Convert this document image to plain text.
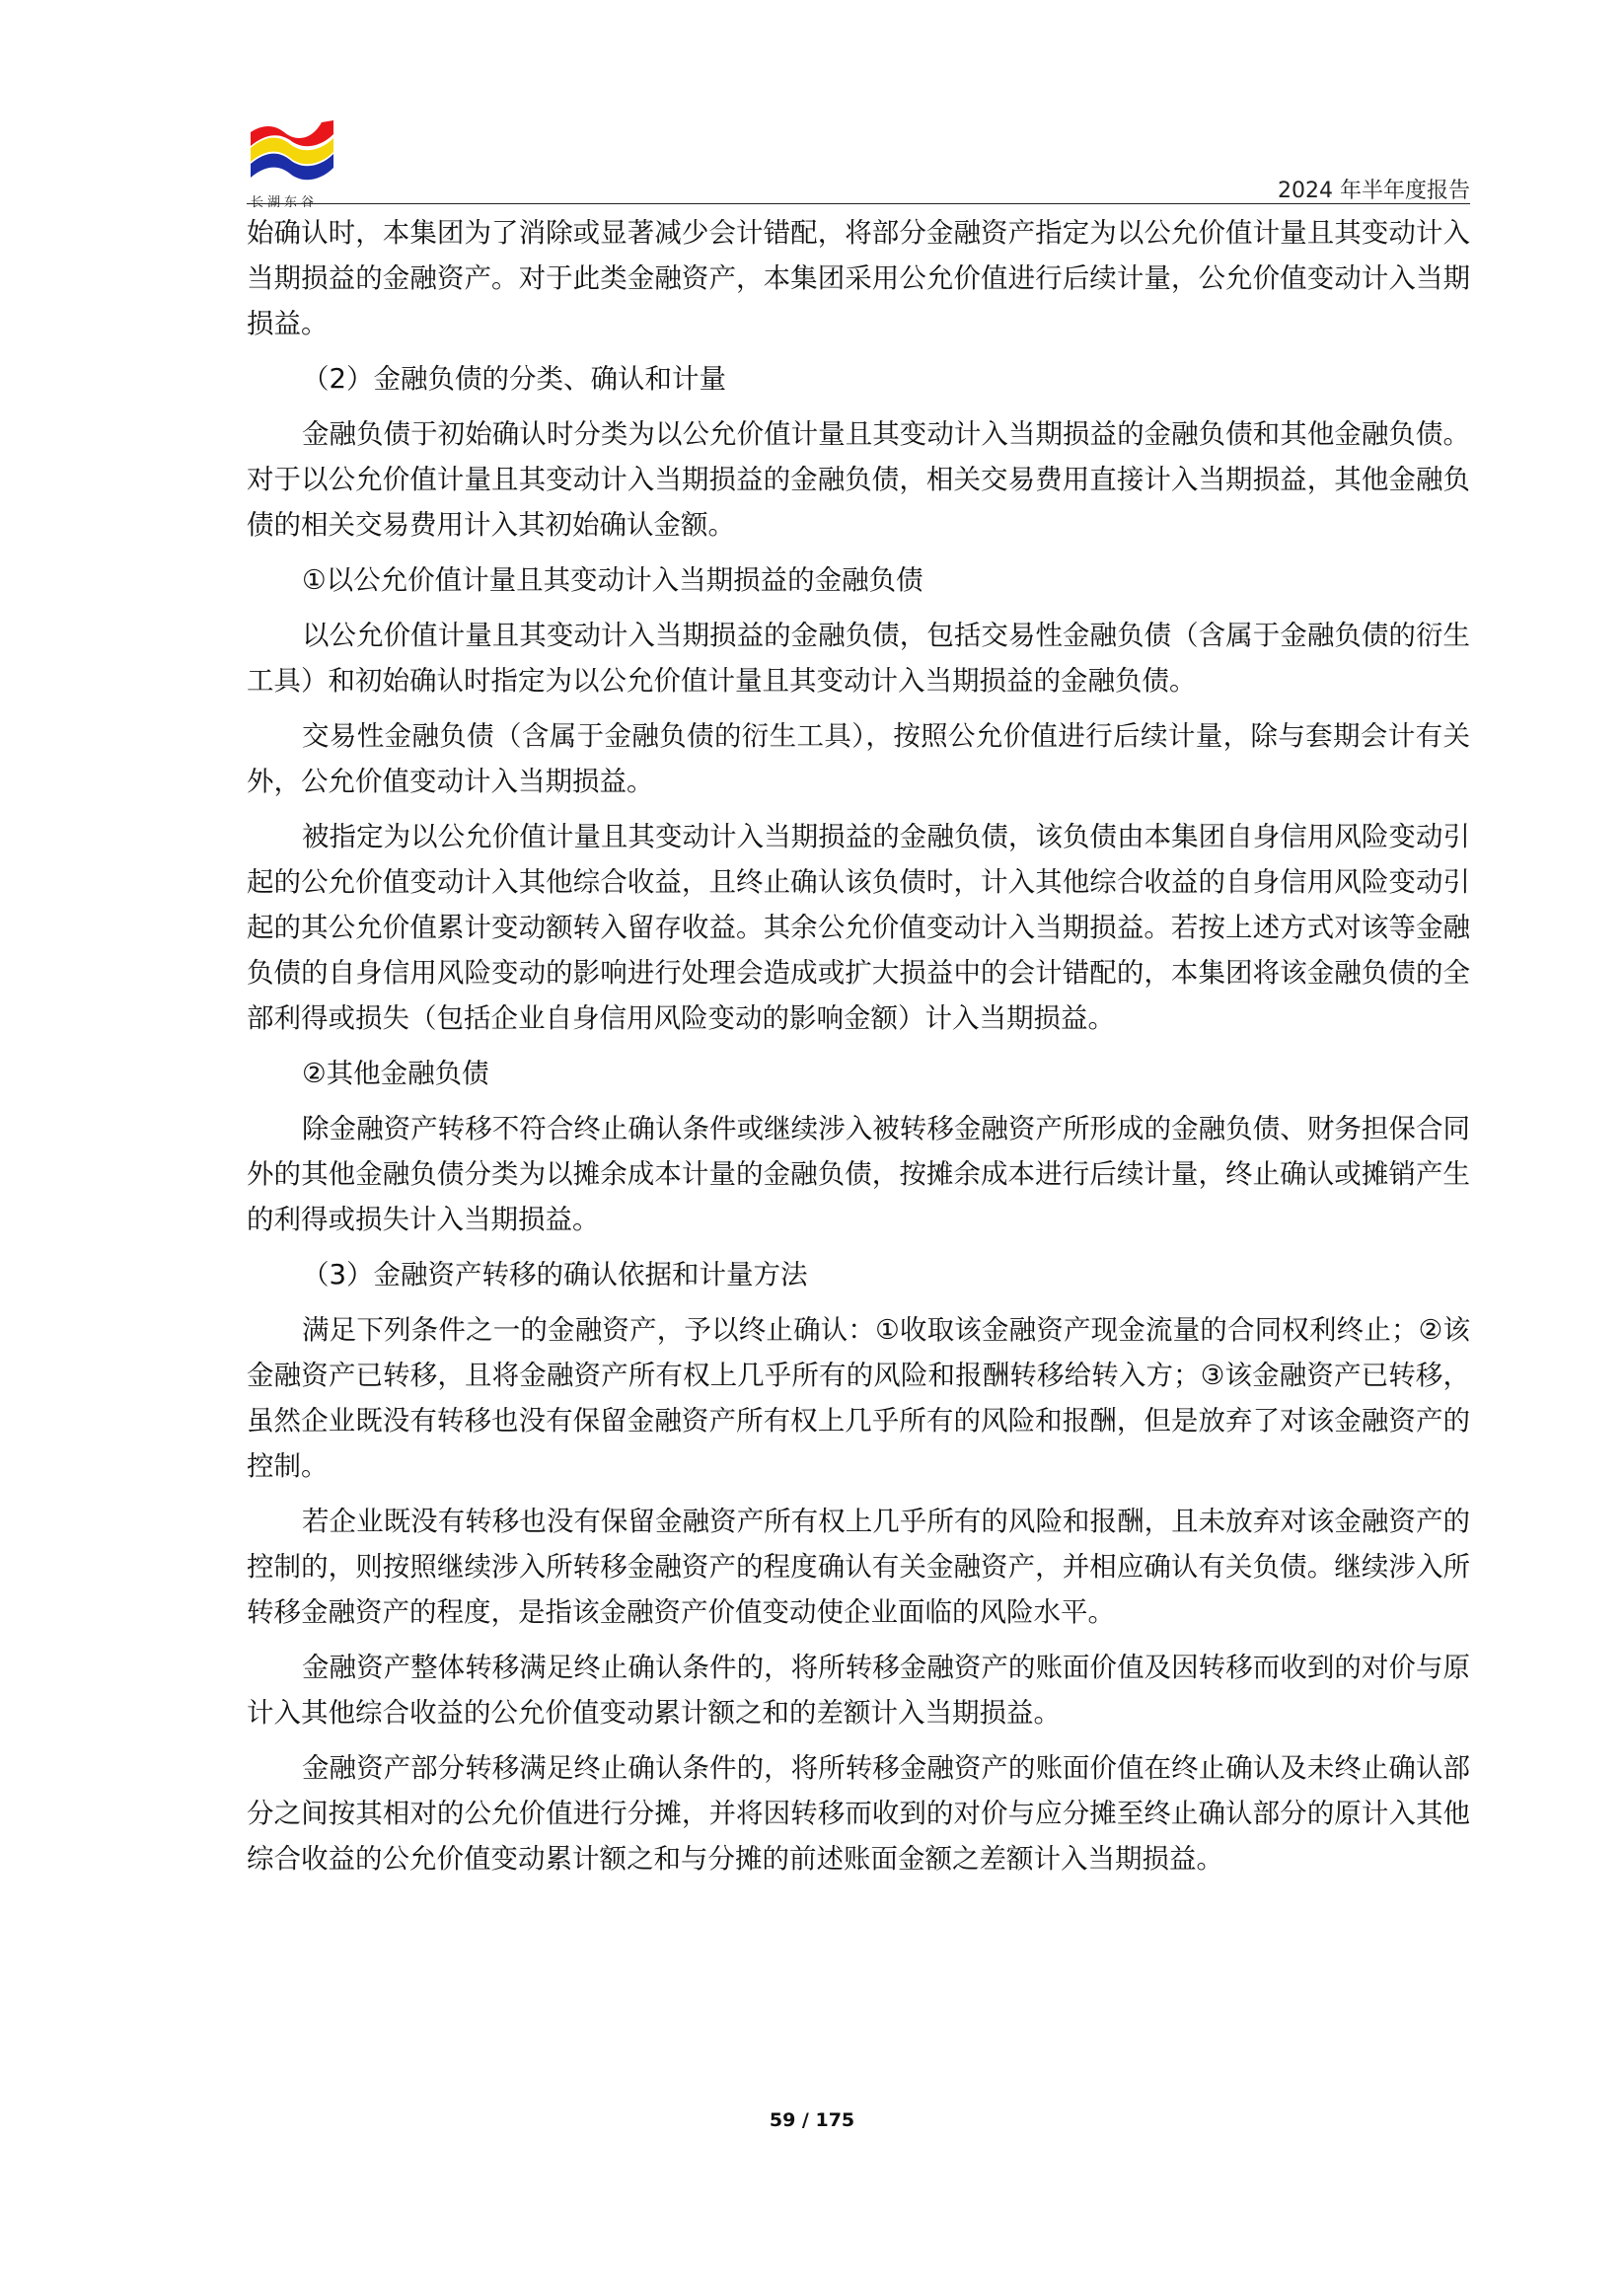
长湖东谷	2024 年半年度报告

始确认时，本集团为了消除或显著减少会计错配，将部分金融资产指定为以公允价值计量且其变动计入当期损益的金融资产。对于此类金融资产，本集团采用公允价值进行后续计量，公允价值变动计入当期损益。

（2）金融负债的分类、确认和计量

金融负债于初始确认时分类为以公允价值计量且其变动计入当期损益的金融负债和其他金融负债。对于以公允价值计量且其变动计入当期损益的金融负债，相关交易费用直接计入当期损益，其他金融负债的相关交易费用计入其初始确认金额。

①以公允价值计量且其变动计入当期损益的金融负债

以公允价值计量且其变动计入当期损益的金融负债，包括交易性金融负债（含属于金融负债的衍生工具）和初始确认时指定为以公允价值计量且其变动计入当期损益的金融负债。

交易性金融负债（含属于金融负债的衍生工具），按照公允价值进行后续计量，除与套期会计有关外，公允价值变动计入当期损益。

被指定为以公允价值计量且其变动计入当期损益的金融负债，该负债由本集团自身信用风险变动引起的公允价值变动计入其他综合收益，且终止确认该负债时，计入其他综合收益的自身信用风险变动引起的其公允价值累计变动额转入留存收益。其余公允价值变动计入当期损益。若按上述方式对该等金融负债的自身信用风险变动的影响进行处理会造成或扩大损益中的会计错配的，本集团将该金融负债的全部利得或损失（包括企业自身信用风险变动的影响金额）计入当期损益。

②其他金融负债

除金融资产转移不符合终止确认条件或继续涉入被转移金融资产所形成的金融负债、财务担保合同外的其他金融负债分类为以摊余成本计量的金融负债，按摊余成本进行后续计量，终止确认或摊销产生的利得或损失计入当期损益。

（3）金融资产转移的确认依据和计量方法

满足下列条件之一的金融资产，予以终止确认：①收取该金融资产现金流量的合同权利终止；②该金融资产已转移，且将金融资产所有权上几乎所有的风险和报酬转移给转入方；③该金融资产已转移，虽然企业既没有转移也没有保留金融资产所有权上几乎所有的风险和报酬，但是放弃了对该金融资产的控制。

若企业既没有转移也没有保留金融资产所有权上几乎所有的风险和报酬，且未放弃对该金融资产的控制的，则按照继续涉入所转移金融资产的程度确认有关金融资产，并相应确认有关负债。继续涉入所转移金融资产的程度，是指该金融资产价值变动使企业面临的风险水平。

金融资产整体转移满足终止确认条件的，将所转移金融资产的账面价值及因转移而收到的对价与原计入其他综合收益的公允价值变动累计额之和的差额计入当期损益。

金融资产部分转移满足终止确认条件的，将所转移金融资产的账面价值在终止确认及未终止确认部分之间按其相对的公允价值进行分摊，并将因转移而收到的对价与应分摊至终止确认部分的原计入其他综合收益的公允价值变动累计额之和与分摊的前述账面金额之差额计入当期损益。

59 / 175
